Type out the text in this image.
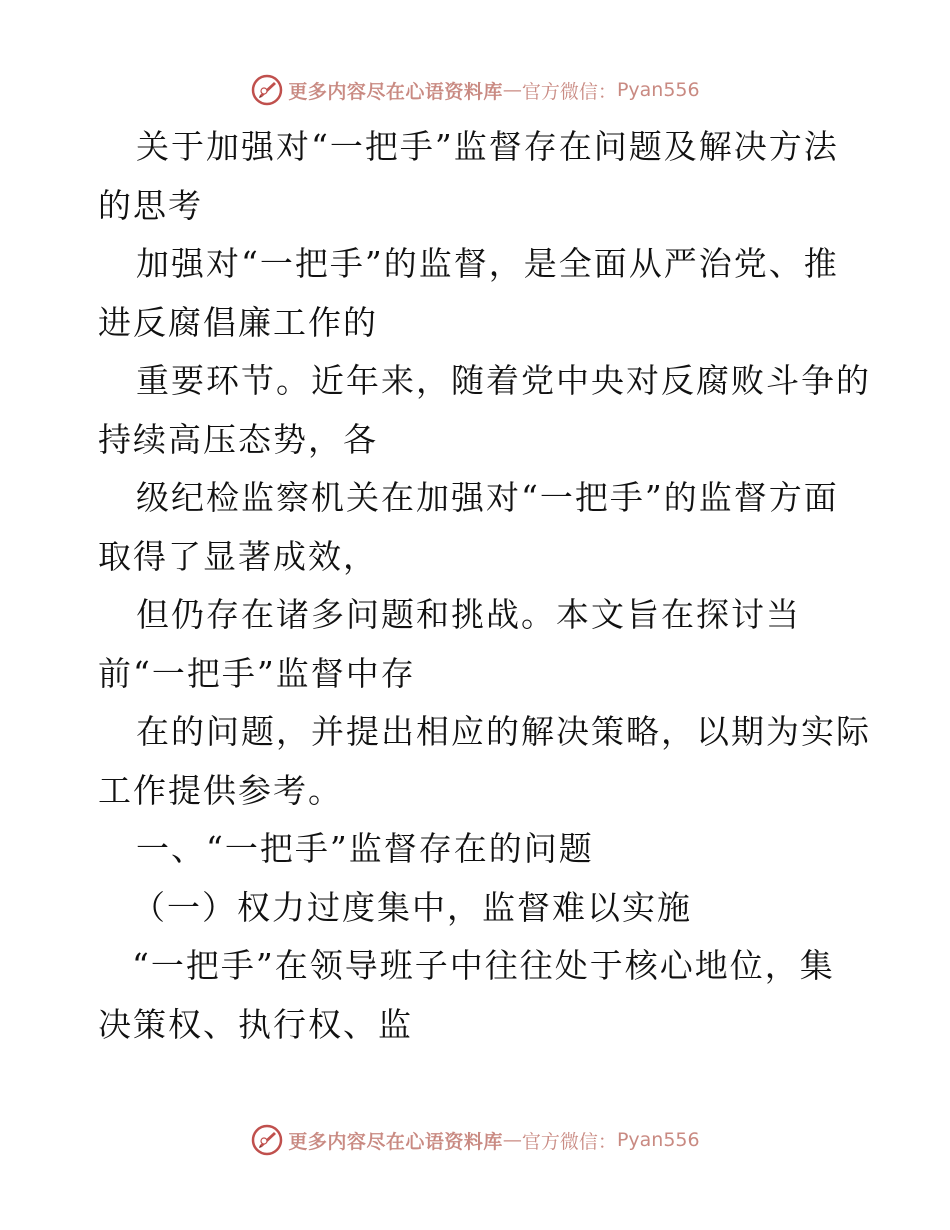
更多内容尽在心语资料库 — 官方微信： Pyan556
关于加强对“一把手”监督存在问题及解决方法
的思考
加强对“一把手”的监督，是全面从严治党、推
进反腐倡廉工作的
重要环节。近年来，随着党中央对反腐败斗争的
持续高压态势，各
级纪检监察机关在加强对“一把手”的监督方面
取得了显著成效，
但仍存在诸多问题和挑战。本文旨在探讨当
前“一把手”监督中存
在的问题，并提出相应的解决策略，以期为实际
工作提供参考。
一、“一把手”监督存在的问题
（一）权力过度集中，监督难以实施
“一把手”在领导班子中往往处于核心地位，集
决策权、执行权、监
更多内容尽在心语资料库 — 官方微信： Pyan556
